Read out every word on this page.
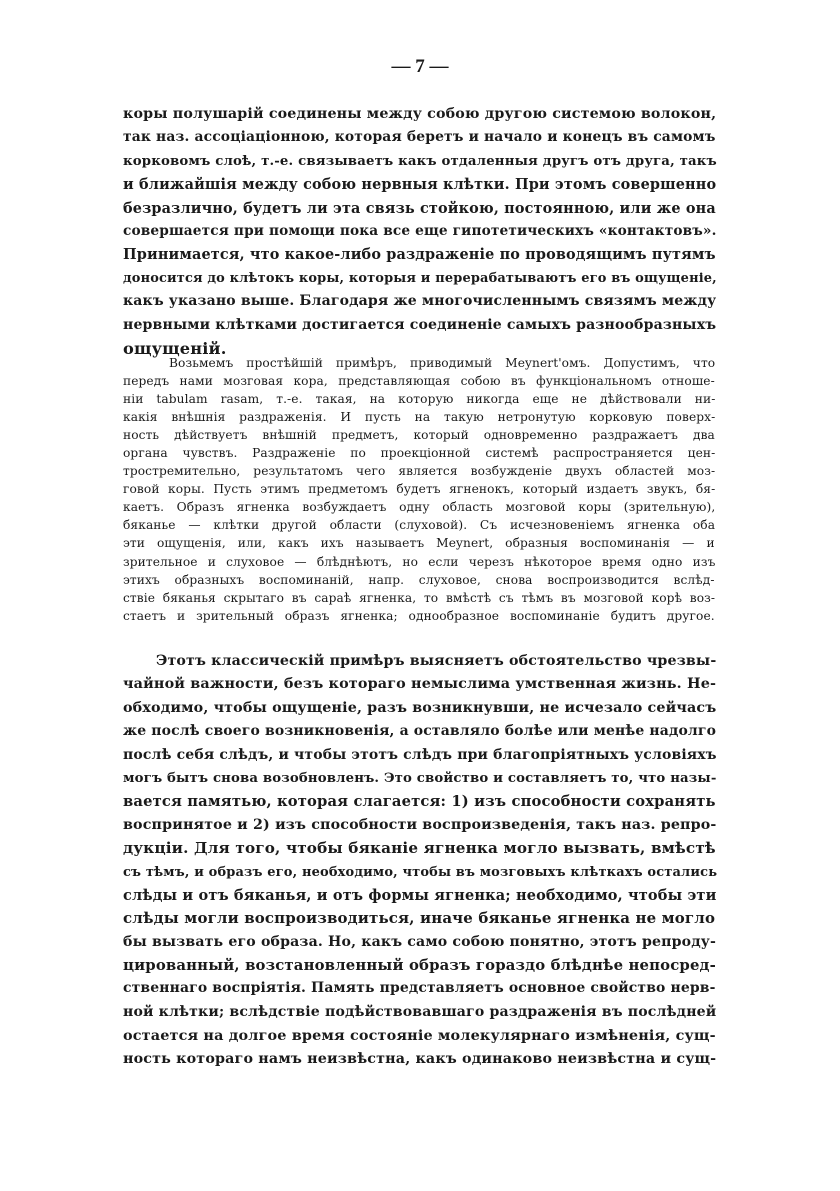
— 7 —
коры полушарій соединены между собою другою системою волокон,
так наз. ассоціаціонною, которая беретъ и начало и конецъ въ самомъ
корковомъ слоѣ, т.-е. связываетъ какъ отдаленныя другъ отъ друга, такъ
и ближайшія между собою нервныя клѣтки. При этомъ совершенно
безразлично, будетъ ли эта связь стойкою, постоянною, или же она
совершается при помощи пока все еще гипотетическихъ «контактовъ».
Принимается, что какое-либо раздраженіе по проводящимъ путямъ
доносится до клѣтокъ коры, которыя и перерабатываютъ его въ ощущеніе,
какъ указано выше. Благодаря же многочисленнымъ связямъ между
нервными клѣтками достигается соединеніе самыхъ разнообразныхъ
ощущеній.
Возьмемъ простѣйшій примѣръ, приводимый Meynert'омъ. Допустимъ, что
передъ нами мозговая кора, представляющая собою въ функціональномъ отноше-
ніи tabulam rasam, т.-е. такая, на которую никогда еще не дѣйствовали ни-
какія внѣшнія раздраженія. И пусть на такую нетронутую корковую поверх-
ность дѣйствуетъ внѣшній предметъ, который одновременно раздражаетъ два
органа чувствъ. Раздраженіе по проекціонной системѣ распространяется цен-
тростремительно, результатомъ чего является возбужденіе двухъ областей моз-
говой коры. Пусть этимъ предметомъ будетъ ягненокъ, который издаетъ звукъ, бя-
каетъ. Образъ ягненка возбуждаетъ одну область мозговой коры (зрительную),
бяканье — клѣтки другой области (слуховой). Съ исчезновеніемъ ягненка оба
эти ощущенія, или, какъ ихъ называетъ Meynert, образныя воспоминанія — и
зрительное и слуховое — блѣднѣютъ, но если черезъ нѣкоторое время одно изъ
этихъ образныхъ воспоминаній, напр. слуховое, снова воспроизводится вслѣд-
ствіе бяканья скрытаго въ сараѣ ягненка, то вмѣстѣ съ тѣмъ въ мозговой корѣ воз-
стаетъ и зрительный образъ ягненка; однообразное воспоминаніе будитъ другое.
Этотъ классическій примѣръ выясняетъ обстоятельство чрезвы-
чайной важности, безъ котораго немыслима умственная жизнь. Не-
обходимо, чтобы ощущеніе, разъ возникнувши, не исчезало сейчасъ
же послѣ своего возникновенія, а оставляло болѣе или менѣе надолго
послѣ себя слѣдъ, и чтобы этотъ слѣдъ при благопріятныхъ условіяхъ
могъ бытъ снова возобновленъ. Это свойство и составляетъ то, что назы-
вается памятью, которая слагается: 1) изъ способности сохранять
воспринятое и 2) изъ способности воспроизведенія, такъ наз. репро-
дукціи. Для того, чтобы бяканіе ягненка могло вызвать, вмѣстѣ
съ тѣмъ, и образъ его, необходимо, чтобы въ мозговыхъ клѣткахъ остались
слѣды и отъ бяканья, и отъ формы ягненка; необходимо, чтобы эти
слѣды могли воспроизводиться, иначе бяканье ягненка не могло
бы вызвать его образа. Но, какъ само собою понятно, этотъ репроду-
цированный, возстановленный образъ гораздо блѣднѣе непосред-
ственнаго воспріятія. Память представляетъ основное свойство нерв-
ной клѣтки; вслѣдствіе подѣйствовавшаго раздраженія въ послѣдней
остается на долгое время состояніе молекулярнаго измѣненія, сущ-
ность котораго намъ неизвѣстна, какъ одинаково неизвѣстна и сущ-
